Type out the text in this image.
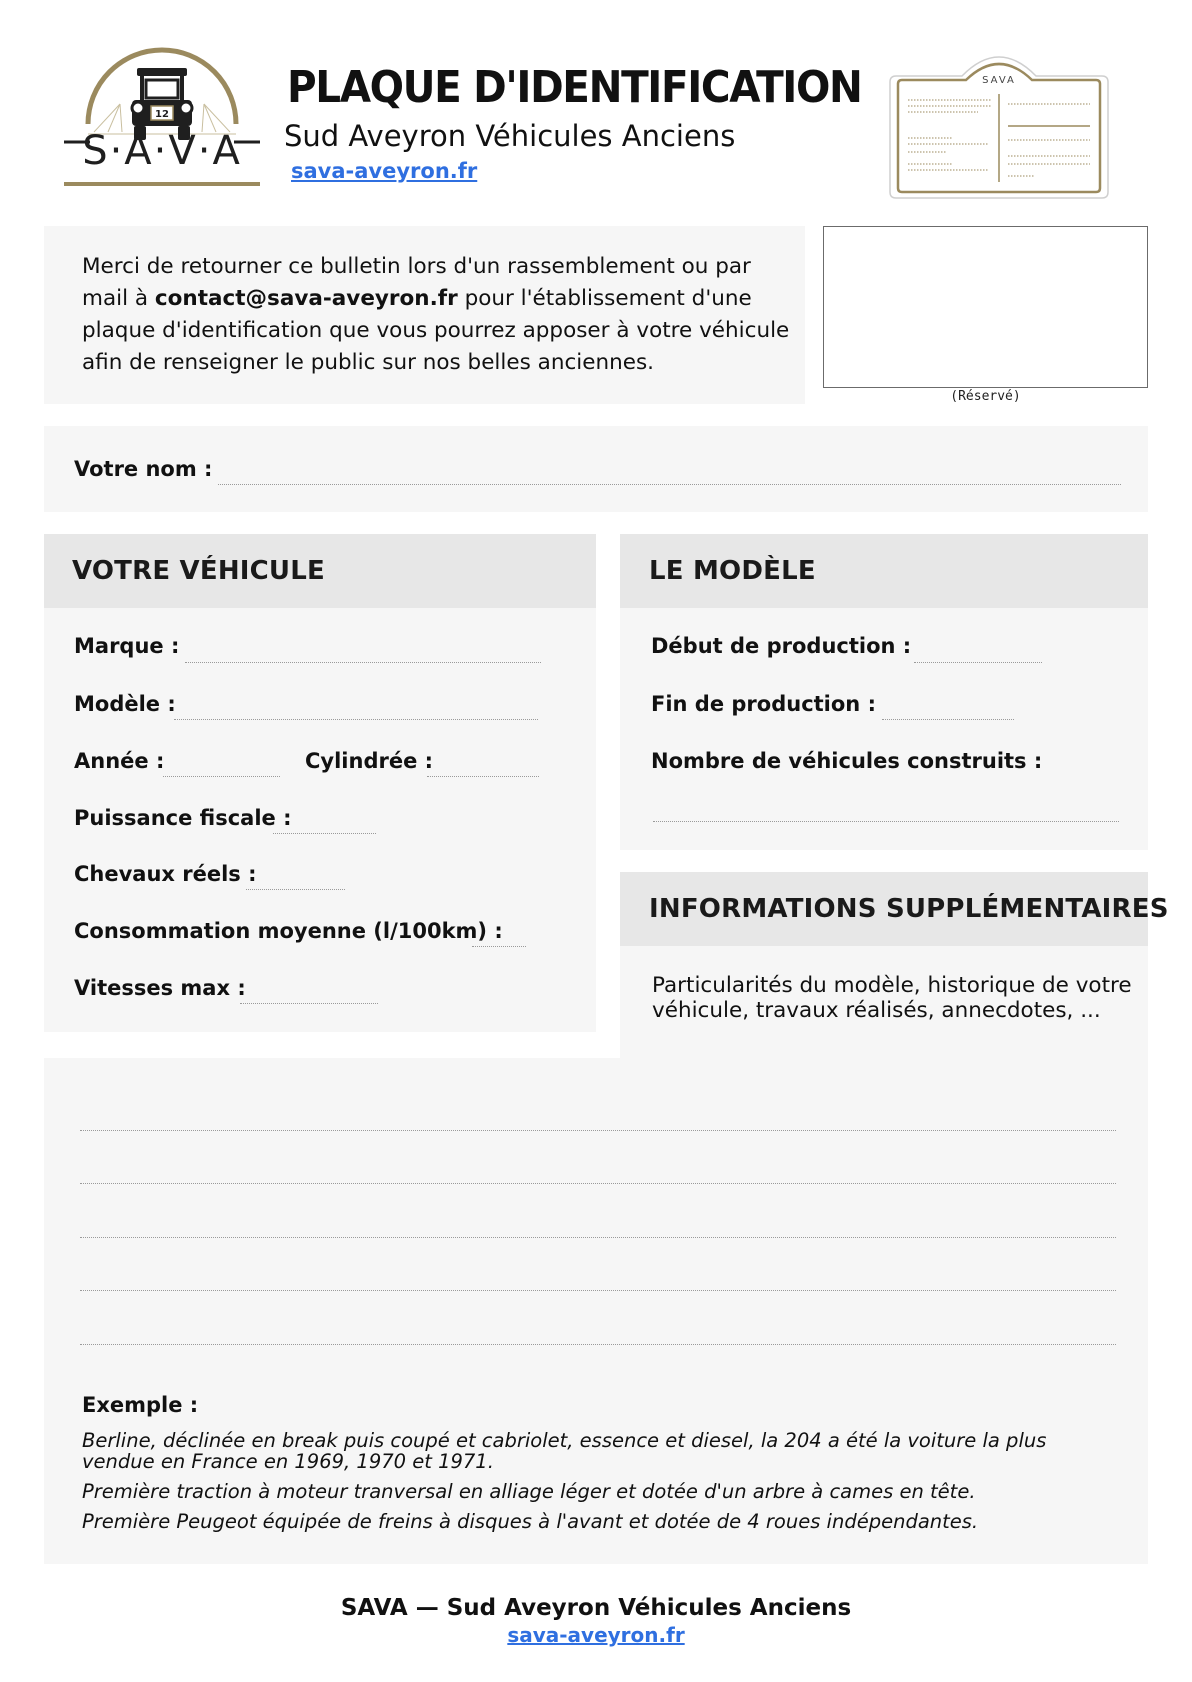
12
S·A·V·A
PLAQUE D'IDENTIFICATION
Sud Aveyron Véhicules Anciens
sava-aveyron.fr
SAVA
Merci de retourner ce bulletin lors d'un rassemblement ou par mail à contact@sava-aveyron.fr pour l'établissement d'une plaque d'identification que vous pourrez apposer à votre véhicule afin de renseigner le public sur nos belles anciennes.
(Réservé)
Votre nom :
VOTRE VÉHICULE
Marque :
Modèle :
Année :	Cylindrée :
Puissance fiscale :
Chevaux réels :
Consommation moyenne (l/100km) :
Vitesses max :
LE MODÈLE
Début de production :
Fin de production :
Nombre de véhicules construits :
INFORMATIONS SUPPLÉMENTAIRES
Particularités du modèle, historique de votre véhicule, travaux réalisés, annecdotes, ...
Exemple :
Berline, déclinée en break puis coupé et cabriolet, essence et diesel, la 204 a été la voiture la plus
vendue en France en 1969, 1970 et 1971.
Première traction à moteur tranversal en alliage léger et dotée d'un arbre à cames en tête.
Première Peugeot équipée de freins à disques à l'avant et dotée de 4 roues indépendantes.
SAVA — Sud Aveyron Véhicules Anciens
sava-aveyron.fr
